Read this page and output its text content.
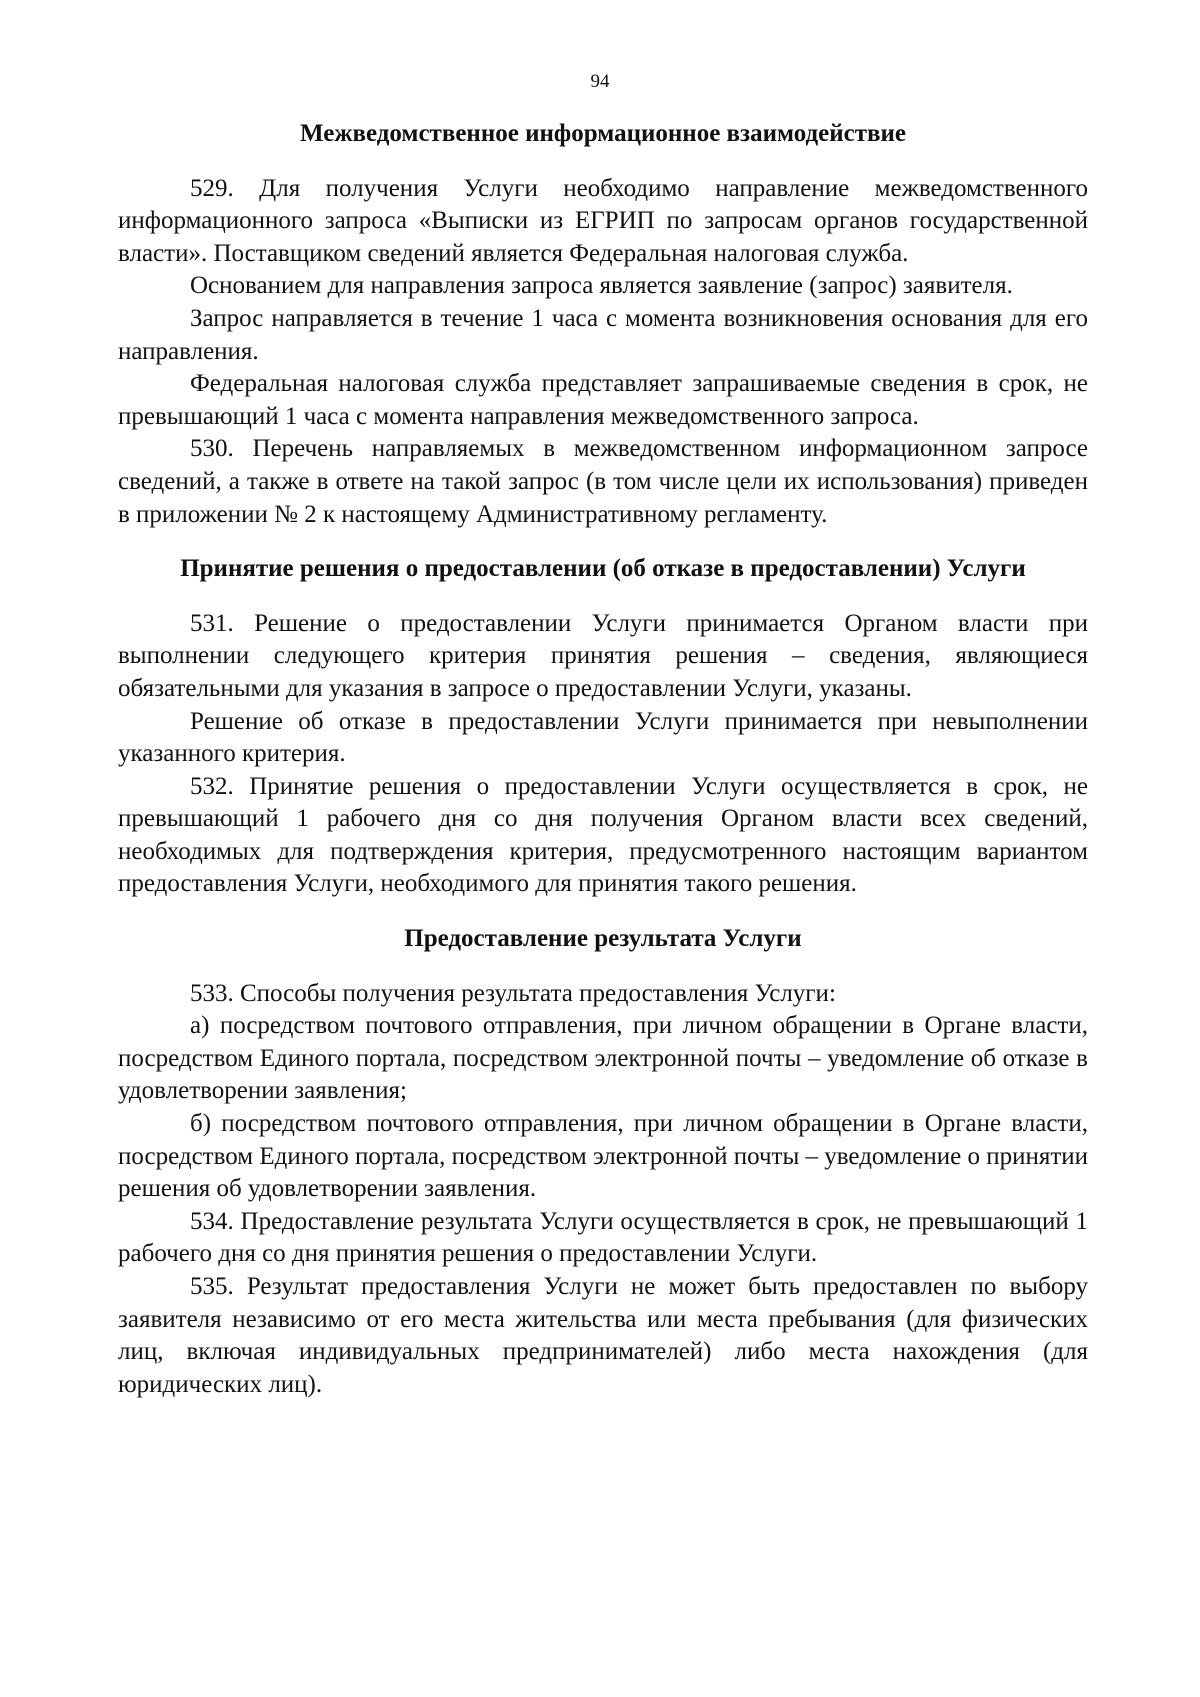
94
Межведомственное информационное взаимодействие

529. Для получения Услуги необходимо направление межведомственного информационного запроса «Выписки из ЕГРИП по запросам органов государственной власти». Поставщиком сведений является Федеральная налоговая служба.

Основанием для направления запроса является заявление (запрос) заявителя.

Запрос направляется в течение 1 часа с момента возникновения основания для его направления.

Федеральная налоговая служба представляет запрашиваемые сведения в срок, не превышающий 1 часа с момента направления межведомственного запроса.

530. Перечень направляемых в межведомственном информационном запросе сведений, а также в ответе на такой запрос (в том числе цели их использования) приведен в приложении № 2 к настоящему Административному регламенту.

Принятие решения о предоставлении (об отказе в предоставлении) Услуги

531. Решение о предоставлении Услуги принимается Органом власти при выполнении следующего критерия принятия решения – сведения, являющиеся обязательными для указания в запросе о предоставлении Услуги, указаны.

Решение об отказе в предоставлении Услуги принимается при невыполнении указанного критерия.

532. Принятие решения о предоставлении Услуги осуществляется в срок, не превышающий 1 рабочего дня со дня получения Органом власти всех сведений, необходимых для подтверждения критерия, предусмотренного настоящим вариантом предоставления Услуги, необходимого для принятия такого решения.

Предоставление результата Услуги

533. Способы получения результата предоставления Услуги:

а) посредством почтового отправления, при личном обращении в Органе власти, посредством Единого портала, посредством электронной почты – уведомление об отказе в удовлетворении заявления;

б) посредством почтового отправления, при личном обращении в Органе власти, посредством Единого портала, посредством электронной почты – уведомление о принятии решения об удовлетворении заявления.

534. Предоставление результата Услуги осуществляется в срок, не превышающий 1 рабочего дня со дня принятия решения о предоставлении Услуги.

535. Результат предоставления Услуги не может быть предоставлен по выбору заявителя независимо от его места жительства или места пребывания (для физических лиц, включая индивидуальных предпринимателей) либо места нахождения (для юридических лиц).
